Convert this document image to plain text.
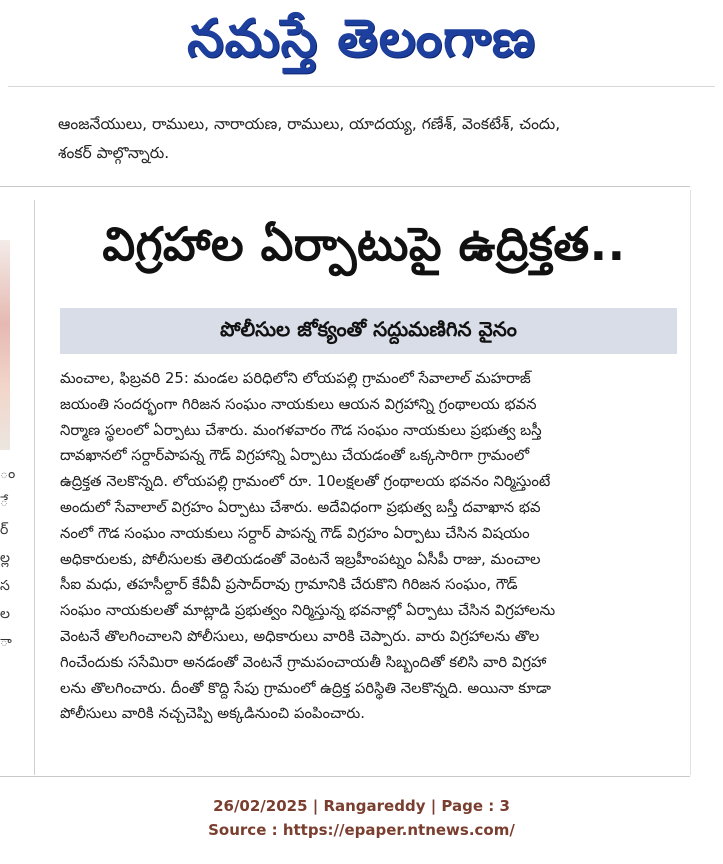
నమస్తే తెలంగాణ
ఆంజనేయులు, రాములు, నారాయణ, రాములు, యాదయ్య, గణేశ్, వెంకటేశ్, చందు,
శంకర్ పాల్గొన్నారు.
ం
ే
ర్
ల్ల
స
ల
ా
విగ్రహాల ఏర్పాటుపై ఉద్రిక్తత..
పోలీసుల జోక్యంతో సద్దుమణిగిన వైనం
మంచాల, ఫిబ్రవరి 25: మండల పరిధిలోని లోయపల్లి గ్రామంలో సేవాలాల్ మహరాజ్
జయంతి సందర్భంగా గిరిజన సంఘం నాయకులు ఆయన విగ్రహాన్ని గ్రంథాలయ భవన
నిర్మాణ స్థలంలో ఏర్పాటు చేశారు. మంగళవారం గౌడ సంఘం నాయకులు ప్రభుత్వ బస్తీ
దావఖానలో సర్దార్‌పాపన్న గౌడ్ విగ్రహాన్ని ఏర్పాటు చేయడంతో ఒక్కసారిగా గ్రామంలో
ఉద్రిక్తత నెలకొన్నది. లోయపల్లి గ్రామంలో రూ. 10లక్షలతో గ్రంథాలయ భవనం నిర్మిస్తుంటే
అందులో సేవాలాల్ విగ్రహం ఏర్పాటు చేశారు. అదేవిధంగా ప్రభుత్వ బస్తీ దవాఖాన భవ
నంలో గౌడ సంఘం నాయకులు సర్దార్ పాపన్న గౌడ్ విగ్రహం ఏర్పాటు చేసిన విషయం
అధికారులకు, పోలీసులకు తెలియడంతో వెంటనే ఇబ్రహీంపట్నం ఏసీపీ రాజు, మంచాల
సీఐ మధు, తహసీల్దార్ కేవీవీ ప్రసాద్‌రావు గ్రామానికి చేరుకొని గిరిజన సంఘం, గౌడ్
సంఘం నాయకులతో మాట్లాడి ప్రభుత్వం నిర్మిస్తున్న భవనాల్లో ఏర్పాటు చేసిన విగ్రహాలను
వెంటనే తొలగించాలని పోలీసులు, అధికారులు వారికి చెప్పారు. వారు విగ్రహాలను తొల
గించేందుకు ససేమిరా అనడంతో వెంటనే గ్రామపంచాయతీ సిబ్బందితో కలిసి వారి విగ్రహా
లను తొలగించారు. దీంతో కొద్ది సేపు గ్రామంలో ఉద్రిక్త పరిస్థితి నెలకొన్నది. అయినా కూడా
పోలీసులు వారికి నచ్చచెప్పి అక్కడినుంచి పంపించారు.
26/02/2025 | Rangareddy | Page : 3
Source : https://epaper.ntnews.com/
